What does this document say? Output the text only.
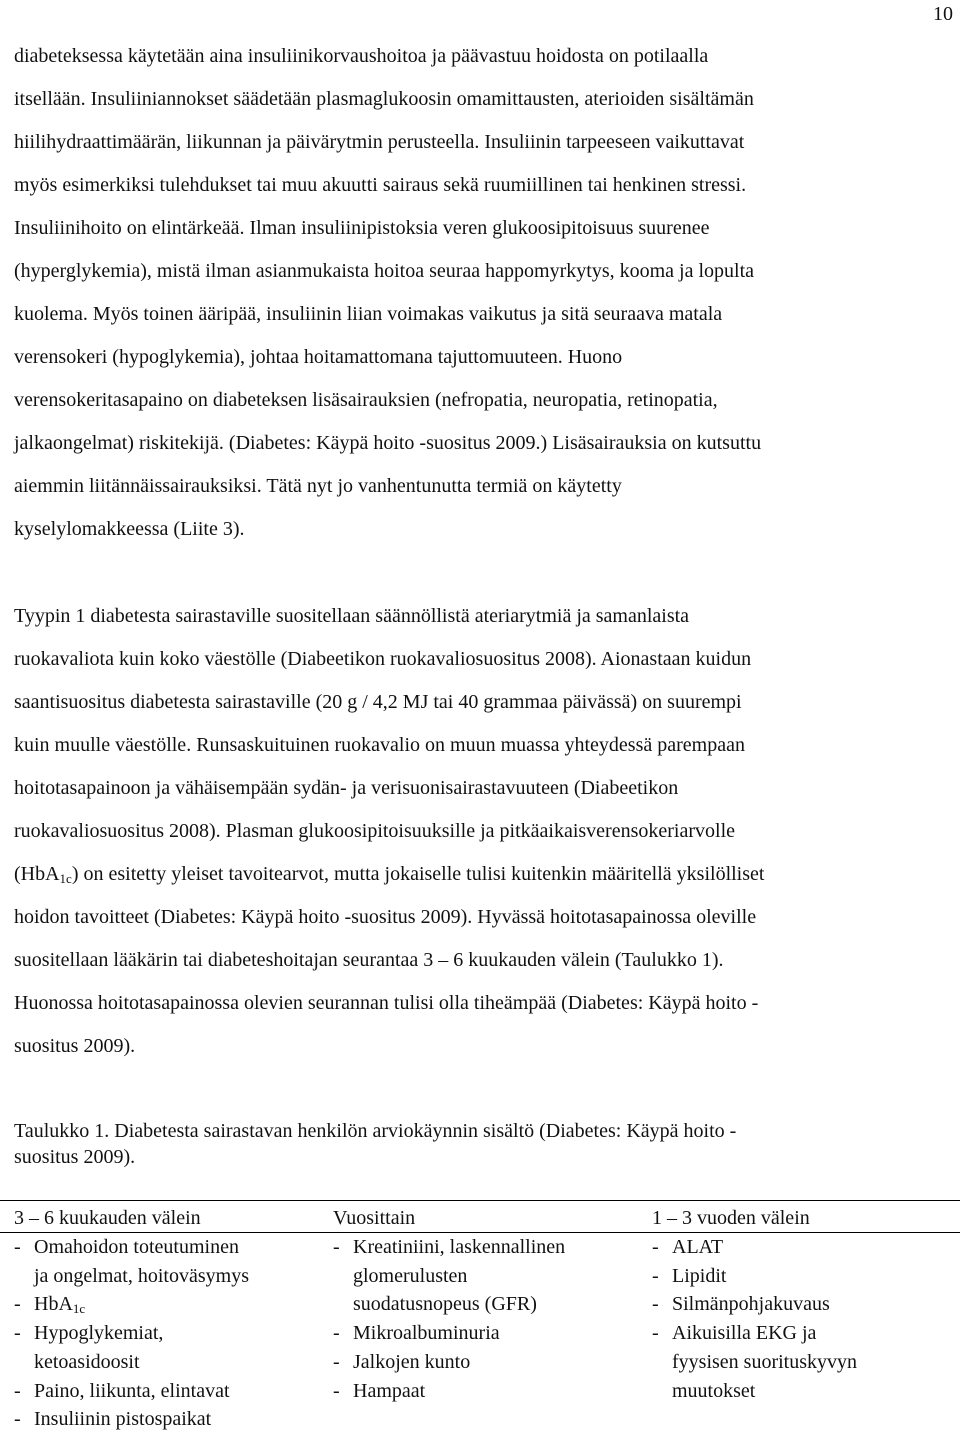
10

diabeteksessa käytetään aina insuliinikorvaushoitoa ja päävastuu hoidosta on potilaalla
itsellään. Insuliiniannokset säädetään plasmaglukoosin omamittausten, aterioiden sisältämän
hiilihydraattimäärän, liikunnan ja päivärytmin perusteella. Insuliinin tarpeeseen vaikuttavat
myös esimerkiksi tulehdukset tai muu akuutti sairaus sekä ruumiillinen tai henkinen stressi.
Insuliinihoito on elintärkeää. Ilman insuliinipistoksia veren glukoosipitoisuus suurenee
(hyperglykemia), mistä ilman asianmukaista hoitoa seuraa happomyrkytys, kooma ja lopulta
kuolema. Myös toinen ääripää, insuliinin liian voimakas vaikutus ja sitä seuraava matala
verensokeri (hypoglykemia), johtaa hoitamattomana tajuttomuuteen. Huono
verensokeritasapaino on diabeteksen lisäsairauksien (nefropatia, neuropatia, retinopatia,
jalkaongelmat) riskitekijä. (Diabetes: Käypä hoito -suositus 2009.) Lisäsairauksia on kutsuttu
aiemmin liitännäissairauksiksi. Tätä nyt jo vanhentunutta termiä on käytetty
kyselylomakkeessa (Liite 3).

Tyypin 1 diabetesta sairastaville suositellaan säännöllistä ateriarytmiä ja samanlaista
ruokavaliota kuin koko väestölle (Diabeetikon ruokavaliosuositus 2008). Aionastaan kuidun
saantisuositus diabetesta sairastaville (20 g / 4,2 MJ tai 40 grammaa päivässä) on suurempi
kuin muulle väestölle. Runsaskuituinen ruokavalio on muun muassa yhteydessä parempaan
hoitotasapainoon ja vähäisempään sydän- ja verisuonisairastavuuteen (Diabeetikon
ruokavaliosuositus 2008). Plasman glukoosipitoisuuksille ja pitkäaikaisverensokeriarvolle
(HbA$_{1c}$) on esitetty yleiset tavoitearvot, mutta jokaiselle tulisi kuitenkin määritellä yksilölliset
hoidon tavoitteet (Diabetes: Käypä hoito -suositus 2009). Hyvässä hoitotasapainossa oleville
suositellaan lääkärin tai diabeteshoitajan seurantaa 3 – 6 kuukauden välein (Taulukko 1).
Huonossa hoitotasapainossa olevien seurannan tulisi olla tiheämpää (Diabetes: Käypä hoito -
suositus 2009).

Taulukko 1. Diabetesta sairastavan henkilön arviokäynnin sisältö (Diabetes: Käypä hoito -
suositus 2009).

3 – 6 kuukauden välein	Vuosittain	1 – 3 vuoden välein
- Omahoidon toteutuminen
ja ongelmat, hoitoväsymys
- HbA$_{1c}$
- Hypoglykemiat,
ketoasidoosit
- Paino, liikunta, elintavat
- Insuliinin pistospaikat
- Kreatiniini, laskennallinen
glomerulusten
suodatusnopeus (GFR)
- Mikroalbuminuria
- Jalkojen kunto
- Hampaat
- ALAT
- Lipidit
- Silmänpohjakuvaus
- Aikuisilla EKG ja
fyysisen suorituskyvyn
muutokset
